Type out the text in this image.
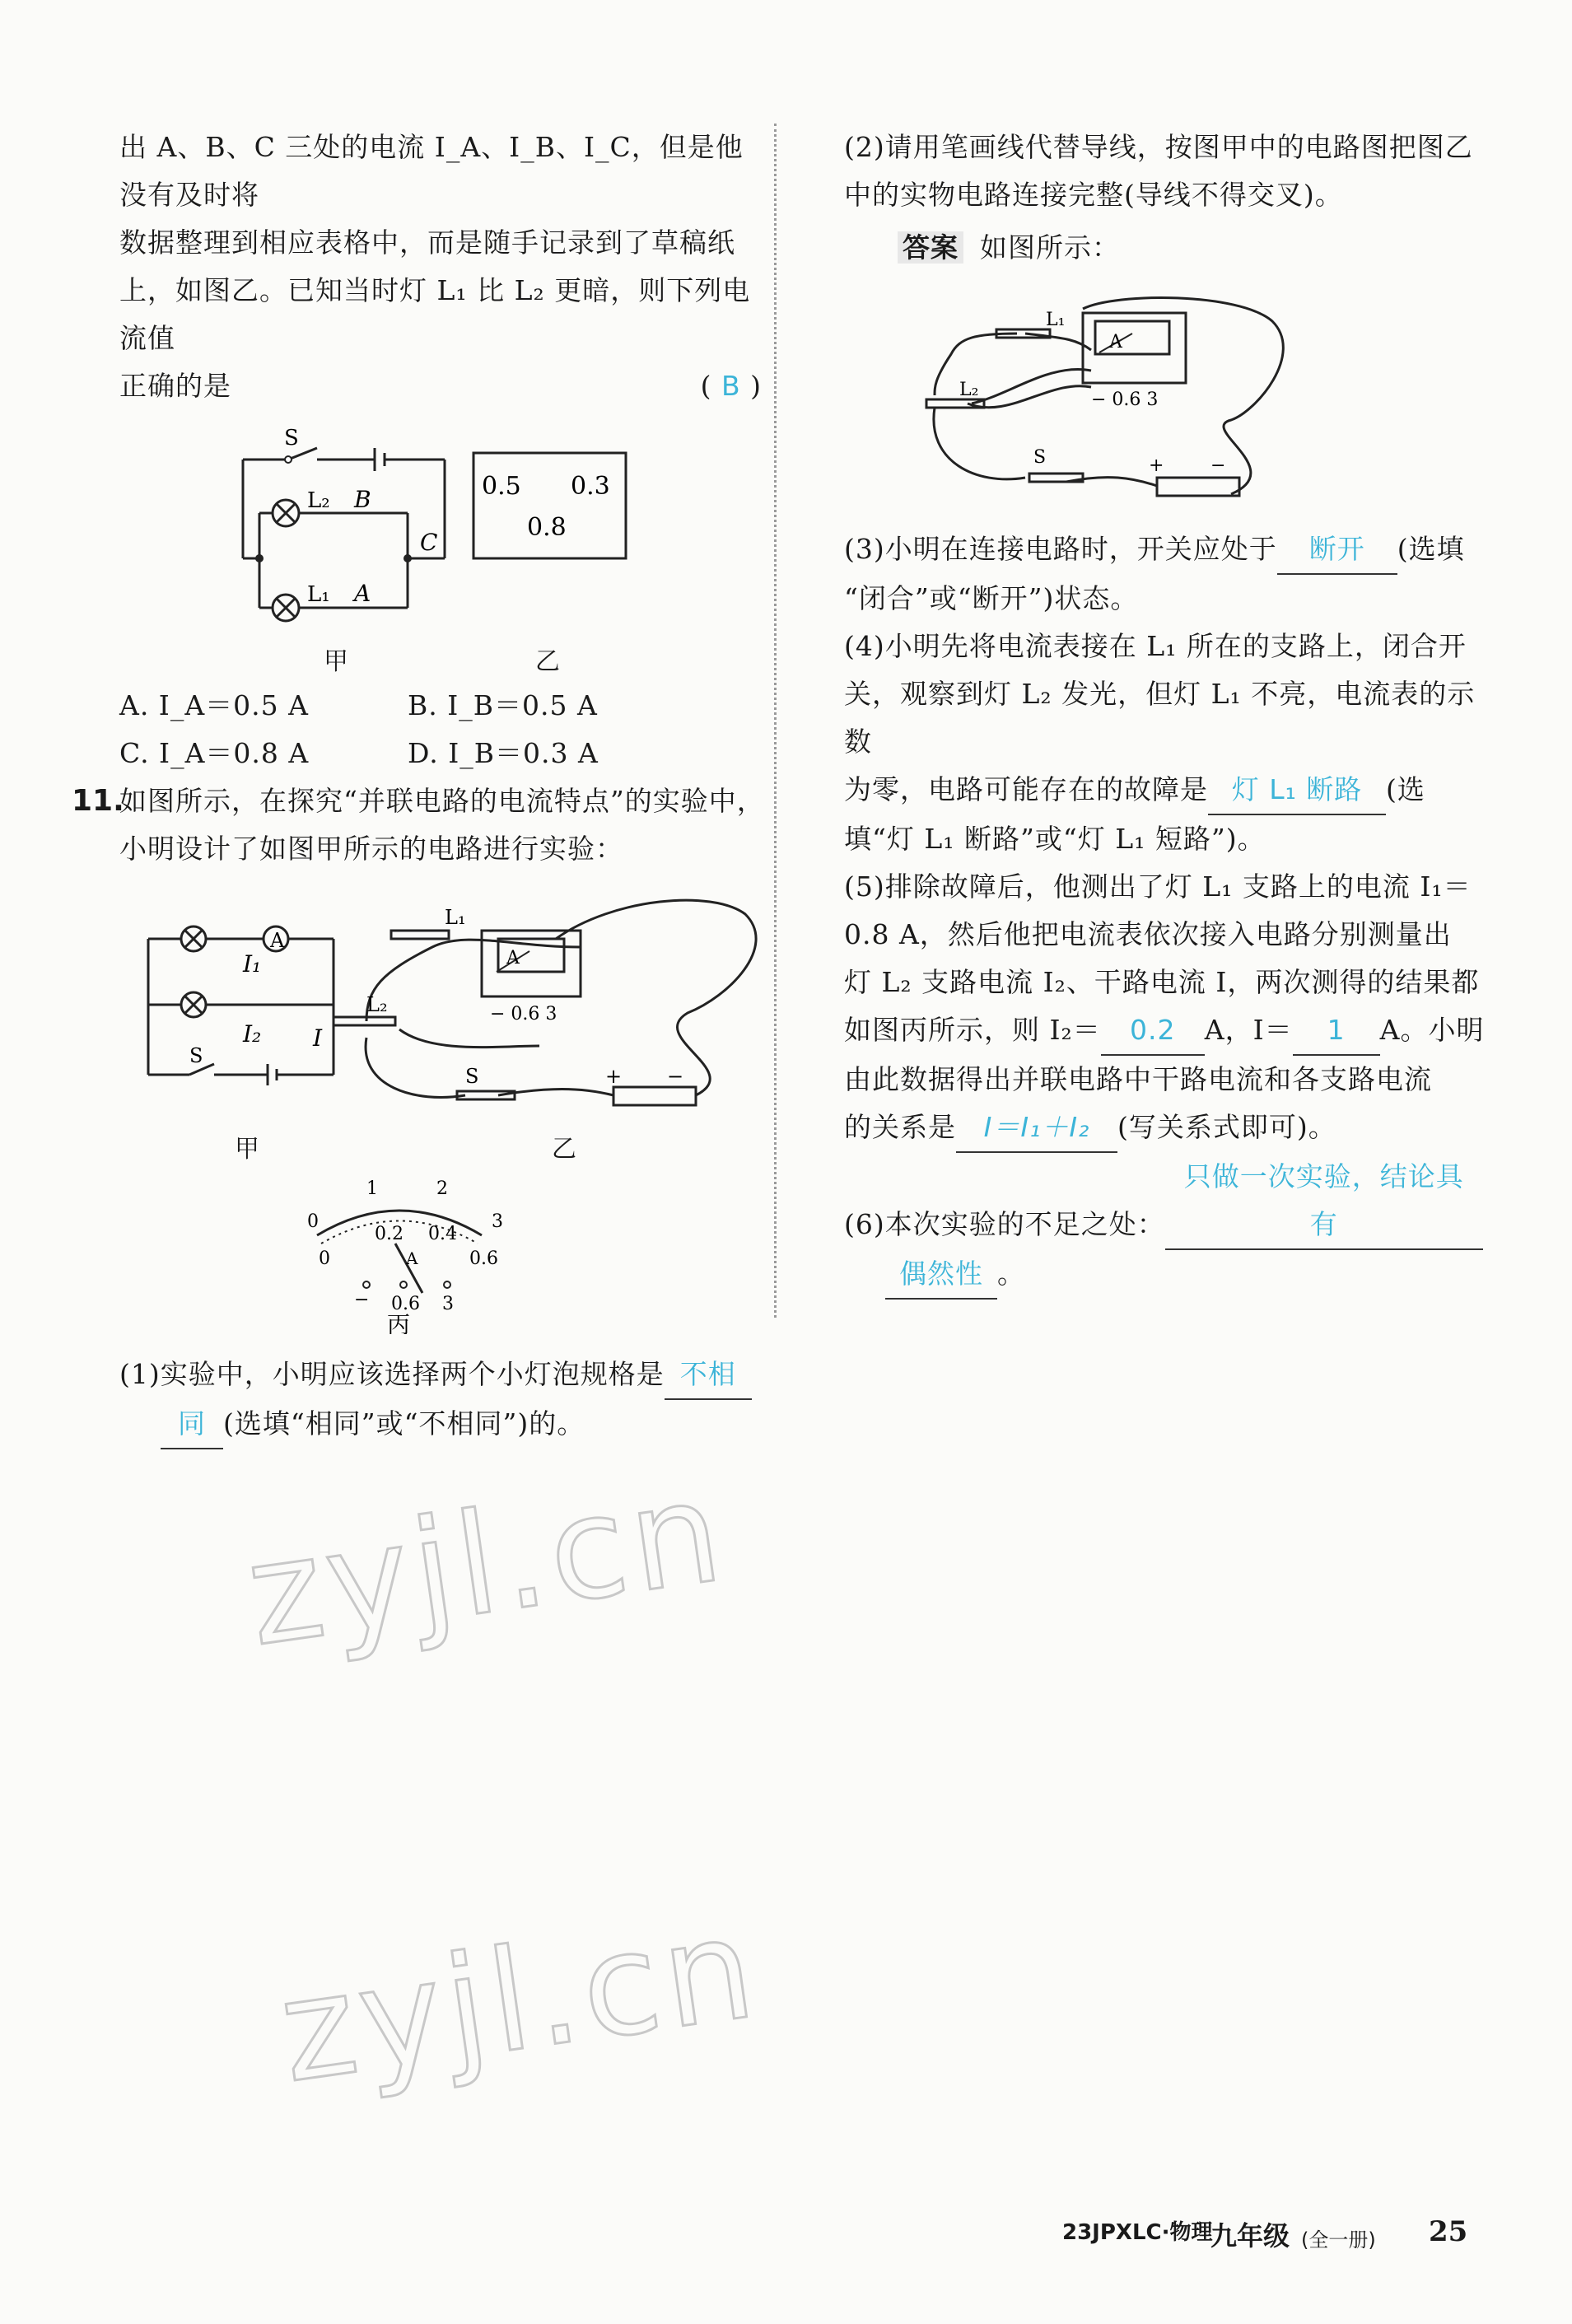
出 A、B、C 三处的电流 I_A、I_B、I_C，但是他没有及时将

数据整理到相应表格中，而是随手记录到了草稿纸

上，如图乙。已知当时灯 L₁ 比 L₂ 更暗，则下列电流值

正确的是	( B )

S
L₂ B
L₁ A
C
0.5 0.3
0.8
甲	乙

A. I_A＝0.5 A	B. I_B＝0.5 A

C. I_A＝0.8 A	D. I_B＝0.3 A

11.

如图所示，在探究“并联电路的电流特点”的实验中，

小明设计了如图甲所示的电路进行实验：

A
A
I₁
I₂ I
S
L₁
L₂
S
− 0.6 3
+ −
甲	乙
0
1	2
3
0
0.2 0.4
0.6
A
− 0.6 3
丙

(1)实验中，小明应该选择两个小灯泡规格是 不相

同 (选填“相同”或“不相同”)的。

(2)请用笔画线代替导线，按图甲中的电路图把图乙

中的实物电路连接完整(导线不得交叉)。

答案 如图所示：

A
L₁
L₂
S
− 0.6 3
+	−

(3)小明在连接电路时，开关应处于 断开 (选填

“闭合”或“断开”)状态。

(4)小明先将电流表接在 L₁ 所在的支路上，闭合开

关，观察到灯 L₂ 发光，但灯 L₁ 不亮，电流表的示数

为零，电路可能存在的故障是 灯 L₁ 断路 (选

填“灯 L₁ 断路”或“灯 L₁ 短路”)。

(5)排除故障后，他测出了灯 L₁ 支路上的电流 I₁＝

0.8 A，然后他把电流表依次接入电路分别测量出

灯 L₂ 支路电流 I₂、干路电流 I，两次测得的结果都

如图丙所示，则 I₂＝ 0.2 A，I＝ 1 A。小明

由此数据得出并联电路中干路电流和各支路电流

的关系是 I＝I₁＋I₂ (写关系式即可)。

(6)本次实验的不足之处：只做一次实验，结论具有

偶然性 。

zyjl.cn
zyjl.cn
23JPXLC·物理
九年级 (全一册) 25
